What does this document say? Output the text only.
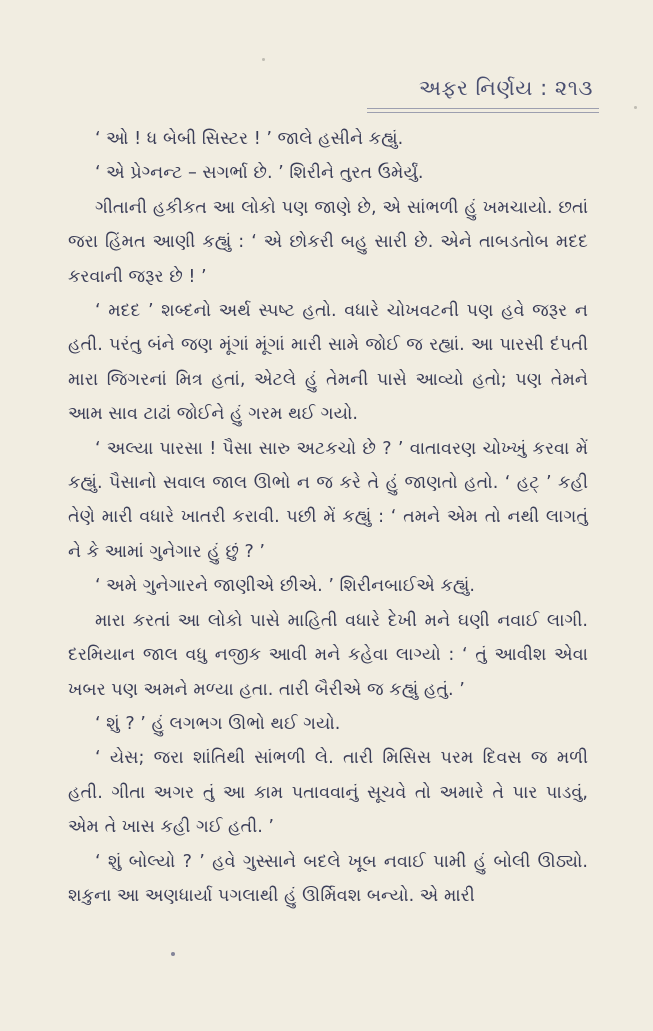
અફર નિર્ણય : ૨૧૩

‘ ઓ ! ધ બેબી સિસ્ટર ! ’ જાલે હસીને કહ્યું.

‘ એ પ્રેગ્નન્ટ – સગર્ભા છે. ’ શિરીને તુરત ઉમેર્યું.

ગીતાની હકીકત આ લોકો પણ જાણે છે, એ સાંભળી હું ખમચાયો. છતાં જરા હિંમત આણી કહ્યું : ‘ એ છોકરી બહુ સારી છે. એને તાબડતોબ મદદ કરવાની જરૂર છે ! ’

‘ મદદ ’ શબ્દનો અર્થ સ્પષ્ટ હતો. વધારે ચોખવટની પણ હવે જરૂર ન હતી. પરંતુ બંને જણ મૂંગાં મૂંગાં મારી સામે જોઈ જ રહ્યાં. આ પારસી દંપતી મારા જિગરનાં મિત્ર હતાં, એટલે હું તેમની પાસે આવ્યો હતો; પણ તેમને આમ સાવ ટાઢાં જોઈને હું ગરમ થઈ ગયો.

‘ અલ્યા પારસા ! પૈસા સારુ અટકચો છે ? ’ વાતાવરણ ચોખ્ખું કરવા મેં કહ્યું. પૈસાનો સવાલ જાલ ઊભો ન જ કરે તે હું જાણતો હતો. ‘ હટ્ ’ કહી તેણે મારી વધારે ખાતરી કરાવી. પછી મેં કહ્યું : ‘ તમને એમ તો નથી લાગતું ને કે આમાં ગુનેગાર હું છું ? ’

‘ અમે ગુનેગારને જાણીએ છીએ. ’ શિરીનબાઈએ કહ્યું.

મારા કરતાં આ લોકો પાસે માહિતી વધારે દેખી મને ઘણી નવાઈ લાગી. દરમિયાન જાલ વધુ નજીક આવી મને કહેવા લાગ્યો : ‘ તું આવીશ એવા ખબર પણ અમને મળ્યા હતા. તારી બૈરીએ જ કહ્યું હતું. ’

‘ શું ? ’ હું લગભગ ઊભો થઈ ગયો.

‘ યેસ; જરા શાંતિથી સાંભળી લે. તારી મિસિસ પરમ દિવસ જ મળી હતી. ગીતા અગર તું આ કામ પતાવવાનું સૂચવે તો અમારે તે પાર પાડવું, એમ તે ખાસ કહી ગઈ હતી. ’

‘ શું બોલ્યો ? ’ હવે ગુસ્સાને બદલે ખૂબ નવાઈ પામી હું બોલી ઊઠ્યો. શકુના આ અણધાર્યા પગલાથી હું ઊર્મિવશ બન્યો. એ મારી
